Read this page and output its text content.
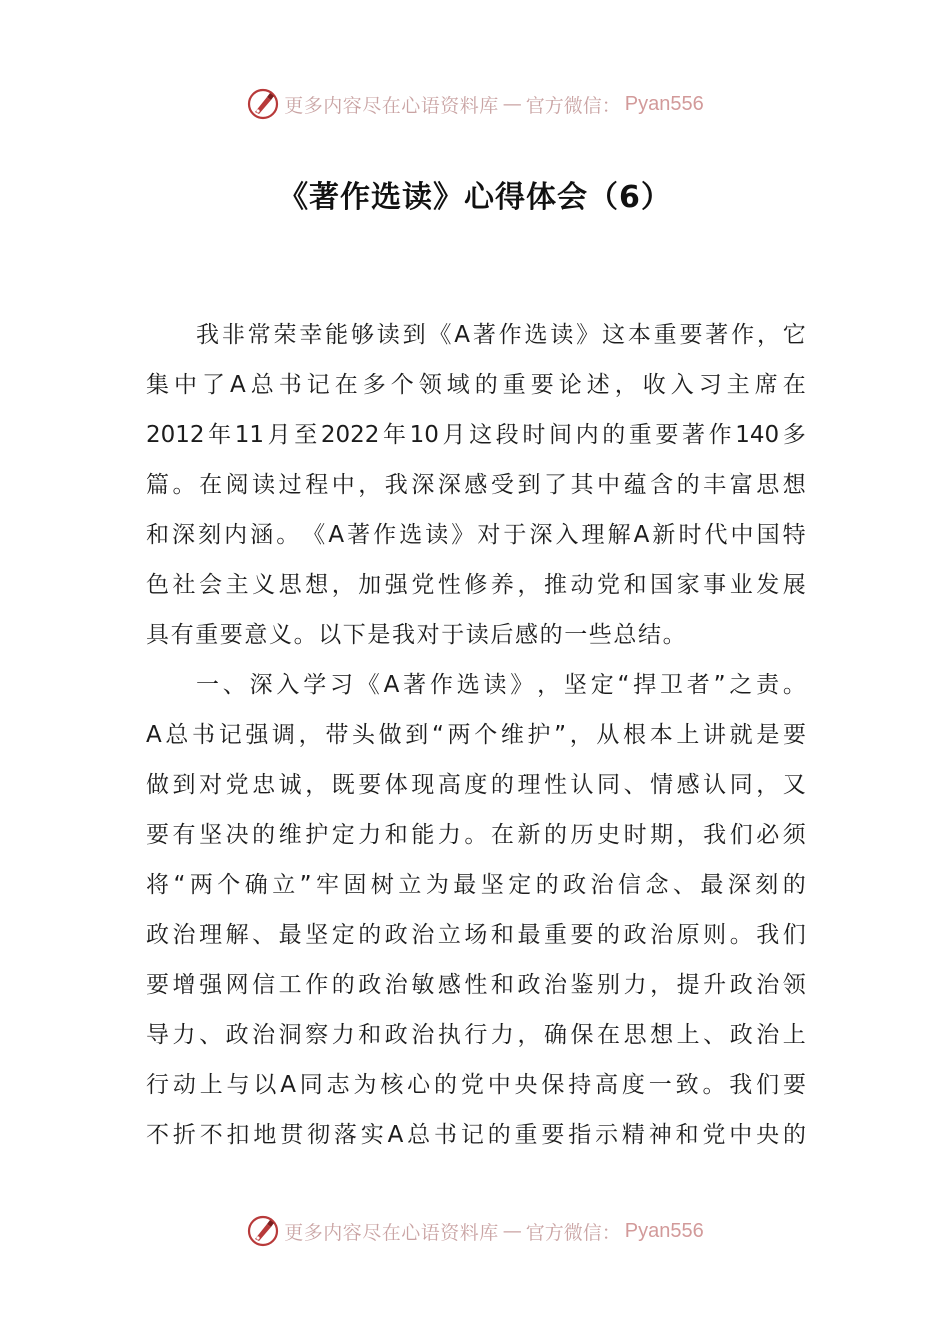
更多内容尽在心语资料库 — 官方微信： Pyan556
《著作选读》心得体会（6）
我 非 常 荣 幸 能 够 读 到 《 A 著 作 选 读 》 这 本 重 要 著 作 ， 它
集 中 了 A 总 书 记 在 多 个 领 域 的 重 要 论 述 ， 收 入 习 主 席 在
2012 年 11 月 至 2022 年 10 月 这 段 时 间 内 的 重 要 著 作 140 多
篇 。 在 阅 读 过 程 中 ， 我 深 深 感 受 到 了 其 中 蕴 含 的 丰 富 思 想
和 深 刻 内 涵 。 《 A 著 作 选 读 》 对 于 深 入 理 解 A 新 时 代 中 国 特
色 社 会 主 义 思 想 ， 加 强 党 性 修 养 ， 推 动 党 和 国 家 事 业 发 展
具有重要意义。以下是我对于读后感的一些总结。
一 、 深 入 学 习 《 A 著 作 选 读 》 ， 坚 定 “ 捍 卫 者 ” 之 责 。
A 总 书 记 强 调 ， 带 头 做 到 “ 两 个 维 护 ” ， 从 根 本 上 讲 就 是 要
做 到 对 党 忠 诚 ， 既 要 体 现 高 度 的 理 性 认 同 、 情 感 认 同 ， 又
要 有 坚 决 的 维 护 定 力 和 能 力 。 在 新 的 历 史 时 期 ， 我 们 必 须
将 “ 两 个 确 立 ” 牢 固 树 立 为 最 坚 定 的 政 治 信 念 、 最 深 刻 的
政 治 理 解 、 最 坚 定 的 政 治 立 场 和 最 重 要 的 政 治 原 则 。 我 们
要 增 强 网 信 工 作 的 政 治 敏 感 性 和 政 治 鉴 别 力 ， 提 升 政 治 领
导 力 、 政 治 洞 察 力 和 政 治 执 行 力 ， 确 保 在 思 想 上 、 政 治 上
行 动 上 与 以 A 同 志 为 核 心 的 党 中 央 保 持 高 度 一 致 。 我 们 要
不 折 不 扣 地 贯 彻 落 实 A 总 书 记 的 重 要 指 示 精 神 和 党 中 央 的
更多内容尽在心语资料库 — 官方微信： Pyan556
